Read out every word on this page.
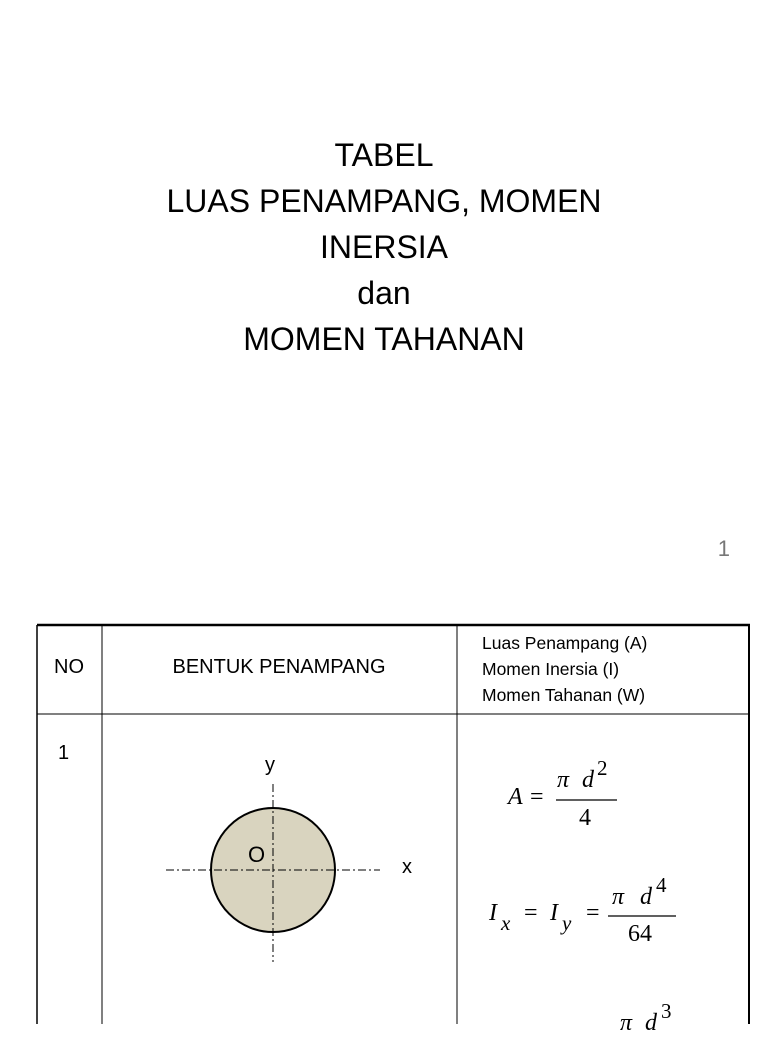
TABEL
LUAS PENAMPANG, MOMEN
INERSIA
dan
MOMEN TAHANAN
1
NO	BENTUK PENAMPANG
Luas Penampang (A)
Momen Inersia (I)
Momen Tahanan (W)
1
y
x
O
A =
π d 2
4
I x = I y =
π d 4
64
π d 3
